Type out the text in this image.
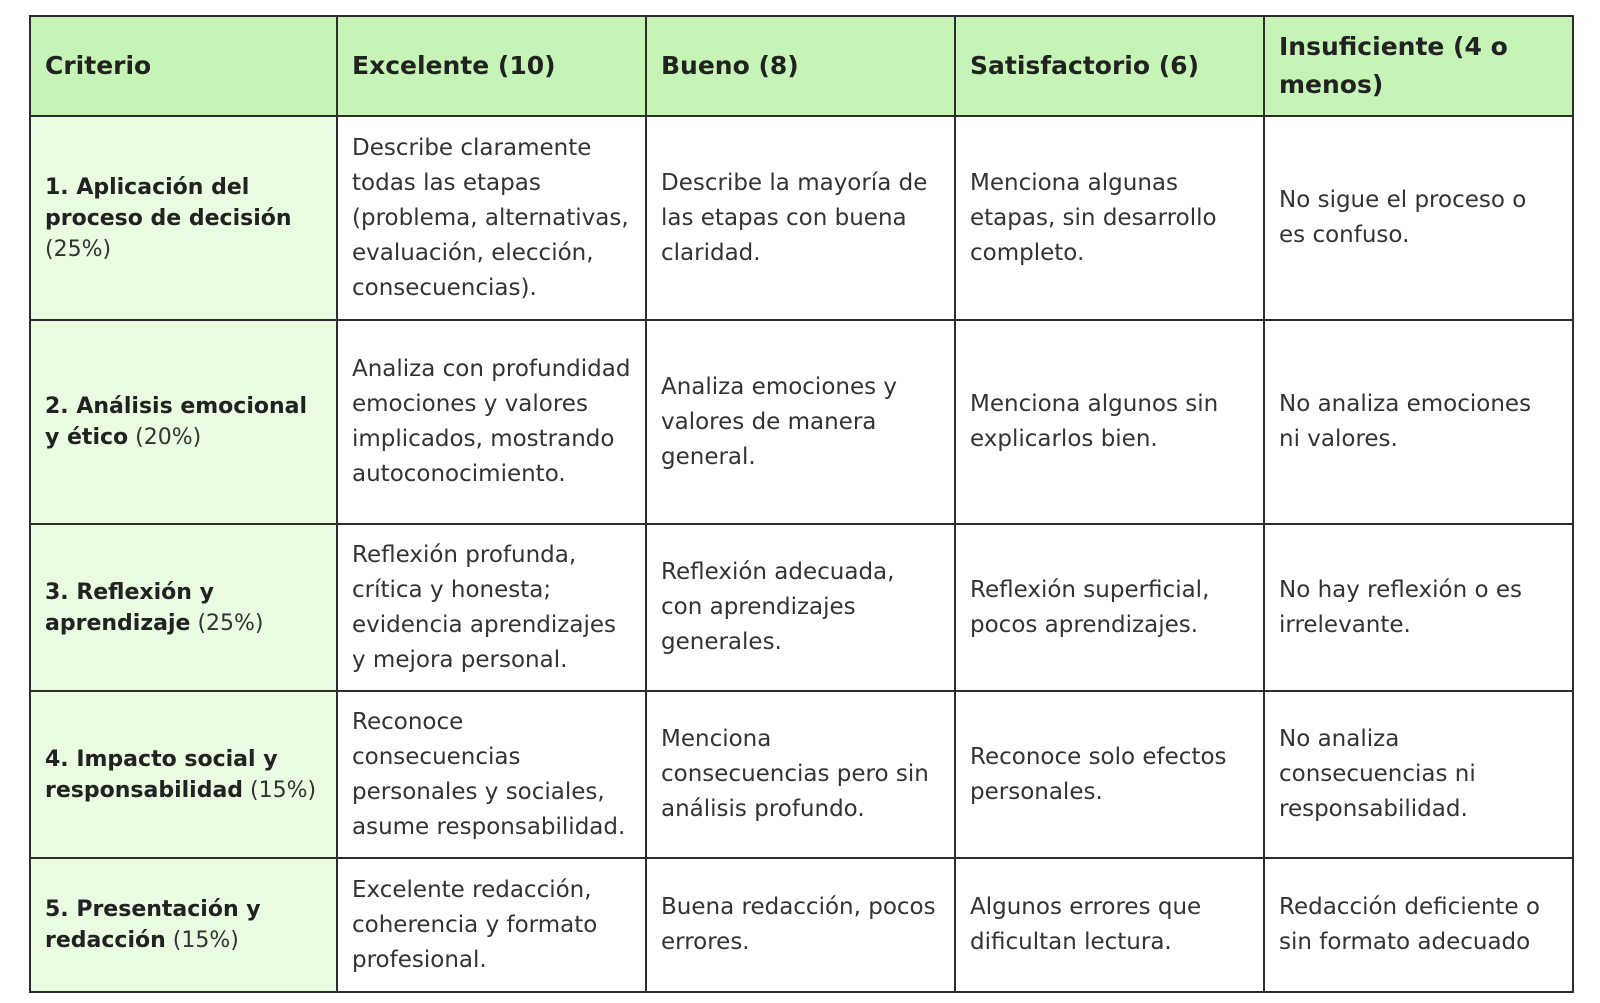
Criterio	Excelente (10)	Bueno (8)	Satisfactorio (6)	Insuficiente (4 o menos)
1. Aplicación del proceso de decisión (25%)	Describe claramente todas las etapas (problema, alternativas, evaluación, elección, consecuencias).	Describe la mayoría de las etapas con buena claridad.	Menciona algunas etapas, sin desarrollo completo.	No sigue el proceso o es confuso.
2. Análisis emocional y ético (20%)	Analiza con profundidad emociones y valores implicados, mostrando autoconocimiento.	Analiza emociones y valores de manera general.	Menciona algunos sin explicarlos bien.	No analiza emociones ni valores.
3. Reflexión y aprendizaje (25%)	Reflexión profunda, crítica y honesta; evidencia aprendizajes y mejora personal.	Reflexión adecuada, con aprendizajes generales.	Reflexión superficial, pocos aprendizajes.	No hay reflexión o es irrelevante.
4. Impacto social y responsabilidad (15%)	Reconoce consecuencias personales y sociales, asume responsabilidad.	Menciona consecuencias pero sin análisis profundo.	Reconoce solo efectos personales.	No analiza consecuencias ni responsabilidad.
5. Presentación y redacción (15%)	Excelente redacción, coherencia y formato profesional.	Buena redacción, pocos errores.	Algunos errores que dificultan lectura.	Redacción deficiente o sin formato adecuado
